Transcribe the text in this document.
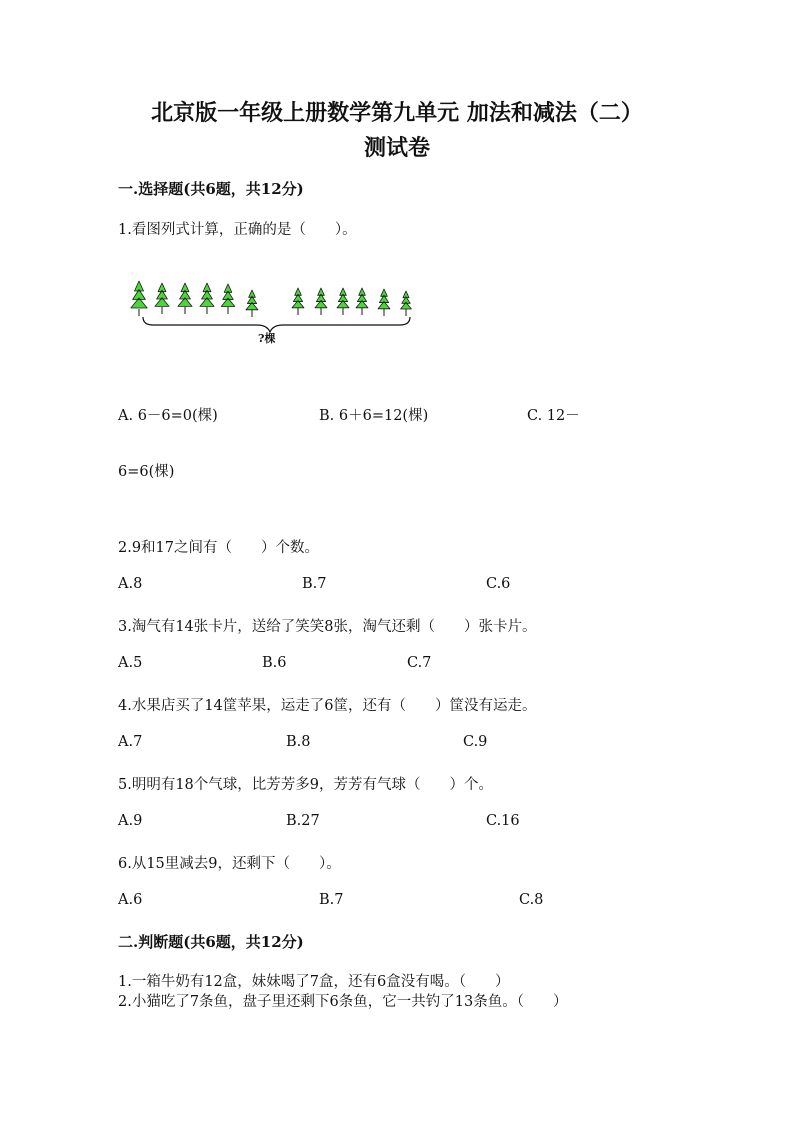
北京版一年级上册数学第九单元 加法和减法（二）
测试卷
一.选择题(共6题，共12分)
1.看图列式计算，正确的是（　　）。
?棵
A. 6－6=0(棵)	B. 6＋6=12(棵)	C. 12－
6=6(棵)
2.9和17之间有（　　）个数。
A.8	B.7	C.6
3.淘气有14张卡片，送给了笑笑8张，淘气还剩（　　）张卡片。
A.5	B.6	C.7
4.水果店买了14筐苹果，运走了6筐，还有（　　）筐没有运走。
A.7	B.8	C.9
5.明明有18个气球，比芳芳多9，芳芳有气球（　　）个。
A.9	B.27	C.16
6.从15里减去9，还剩下（　　）。
A.6	B.7	C.8
二.判断题(共6题，共12分)
1.一箱牛奶有12盒，妹妹喝了7盒，还有6盒没有喝。（　　）
2.小猫吃了7条鱼，盘子里还剩下6条鱼，它一共钓了13条鱼。（　　）
